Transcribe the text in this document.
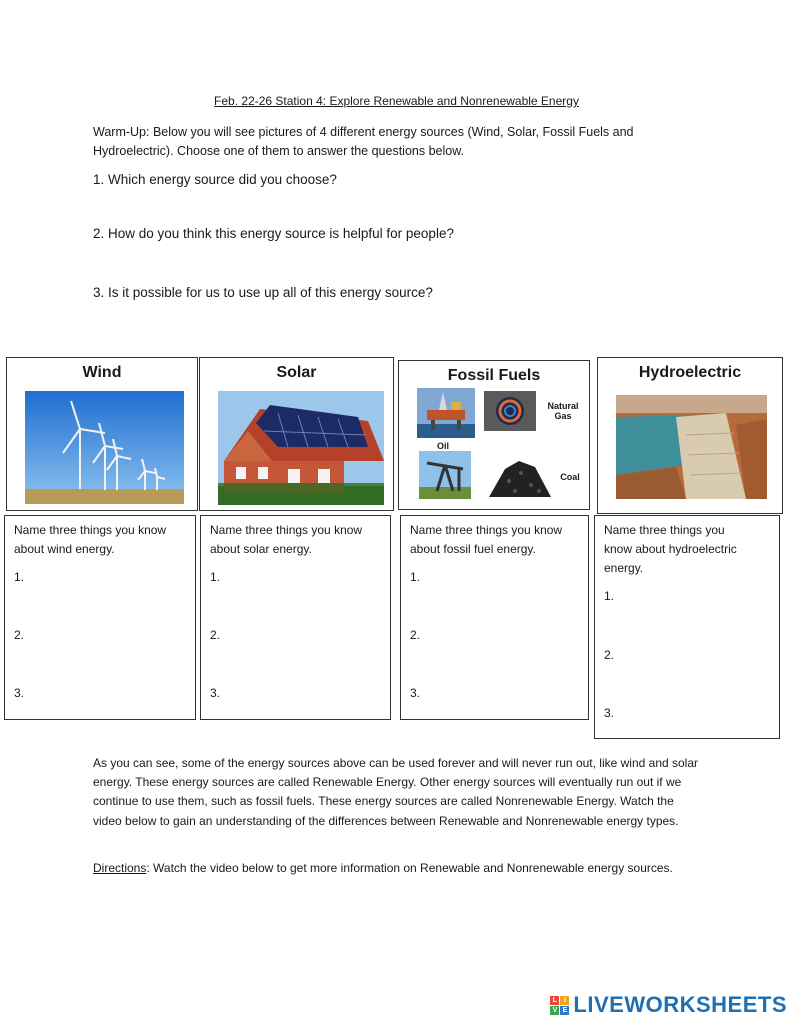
Feb. 22-26 Station 4: Explore Renewable and Nonrenewable Energy
Warm-Up: Below you will see pictures of 4 different energy sources (Wind, Solar, Fossil Fuels and Hydroelectric). Choose one of them to answer the questions below.
1. Which energy source did you choose?
2. How do you think this energy source is helpful for people?
3. Is it possible for us to use up all of this energy source?
Wind	Solar	Fossil Fuels
Natural
Gas
Oil
Coal
Hydroelectric
Name three things you know about wind energy.
1.
2.
3.
Name three things you know about solar energy.
1.
2.
3.
Name three things you know about fossil fuel energy.
1.
2.
3.
Name three things you know about hydroelectric energy.
1.
2.
3.
As you can see, some of the energy sources above can be used forever and will never run out, like wind and solar energy. These energy sources are called Renewable Energy. Other energy sources will eventually run out if we continue to use them, such as fossil fuels. These energy sources are called Nonrenewable Energy. Watch the video below to gain an understanding of the differences between Renewable and Nonrenewable energy types.
Directions: Watch the video below to get more information on Renewable and Nonrenewable energy sources.
L I
V E LIVEWORKSHEETS
